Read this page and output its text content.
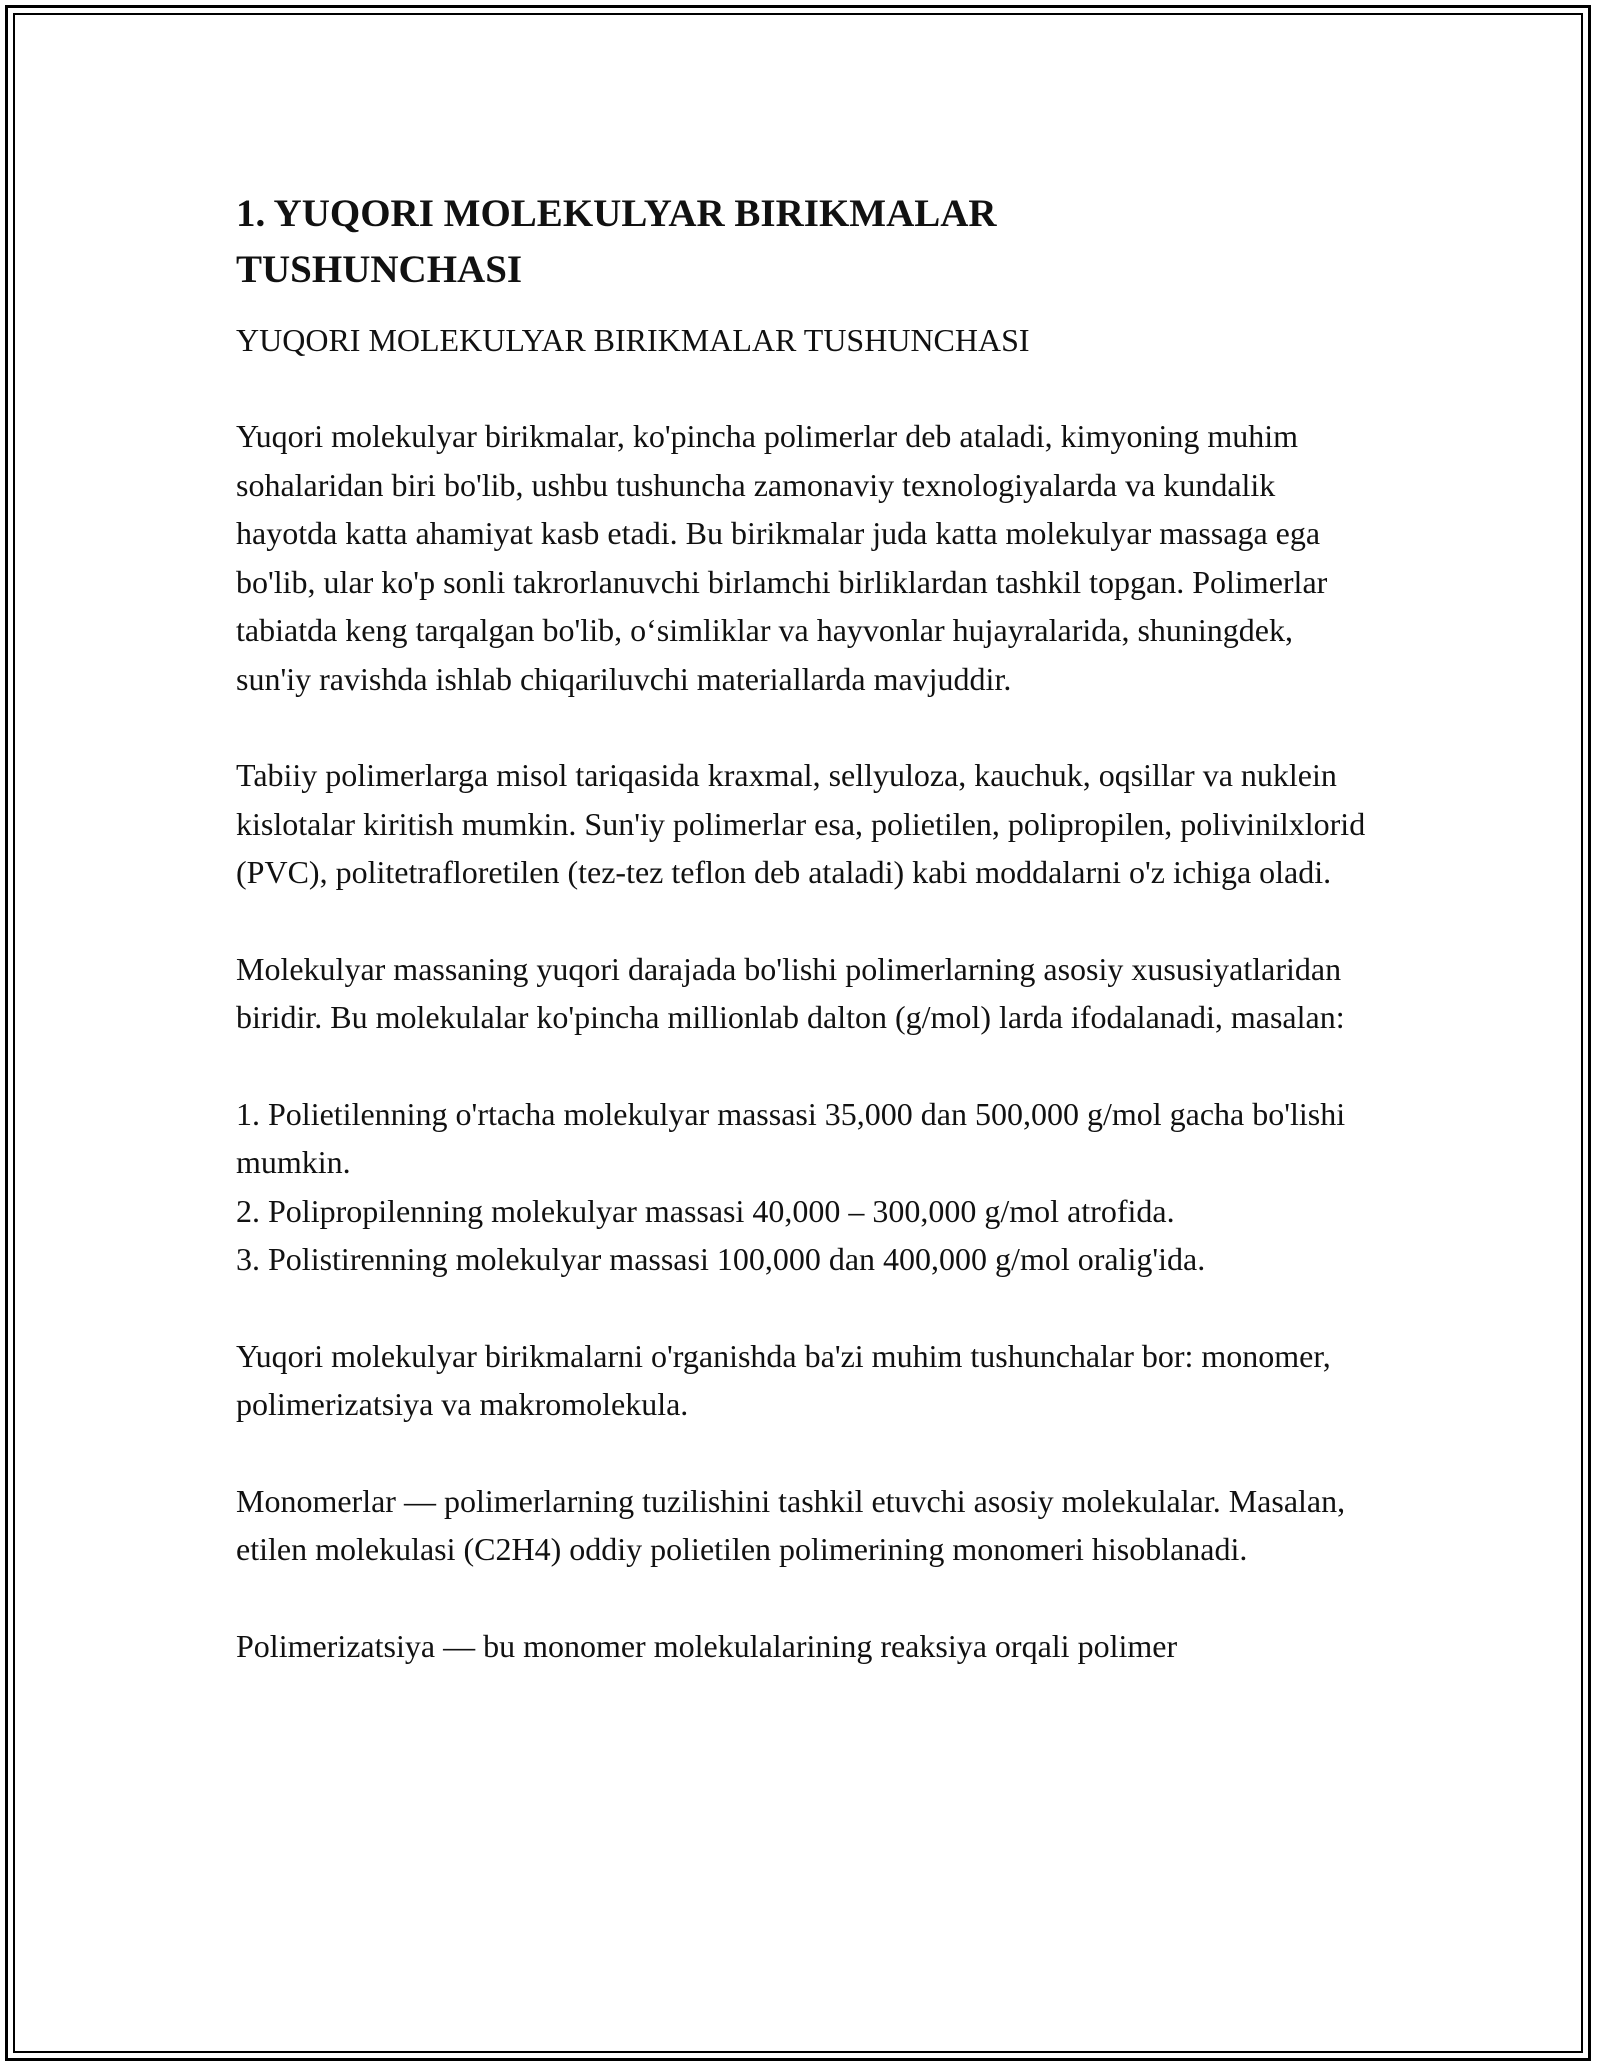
1. YUQORI MOLEKULYAR BIRIKMALAR
TUSHUNCHASI

YUQORI MOLEKULYAR BIRIKMALAR TUSHUNCHASI

Yuqori molekulyar birikmalar, ko'pincha polimerlar deb ataladi, kimyoning muhim sohalaridan biri bo'lib, ushbu tushuncha zamonaviy texnologiyalarda va kundalik hayotda katta ahamiyat kasb etadi. Bu birikmalar juda katta molekulyar massaga ega bo'lib, ular ko'p sonli takrorlanuvchi birlamchi birliklardan tashkil topgan. Polimerlar tabiatda keng tarqalgan bo'lib, o‘simliklar va hayvonlar hujayralarida, shuningdek, sun'iy ravishda ishlab chiqariluvchi materiallarda mavjuddir.

Tabiiy polimerlarga misol tariqasida kraxmal, sellyuloza, kauchuk, oqsillar va nuklein kislotalar kiritish mumkin. Sun'iy polimerlar esa, polietilen, polipropilen, polivinilxlorid (PVC), politetrafloretilen (tez-tez teflon deb ataladi) kabi moddalarni o'z ichiga oladi.

Molekulyar massaning yuqori darajada bo'lishi polimerlarning asosiy xususiyatlaridan biridir. Bu molekulalar ko'pincha millionlab dalton (g/mol) larda ifodalanadi, masalan:

1. Polietilenning o'rtacha molekulyar massasi 35,000 dan 500,000 g/mol gacha bo'lishi mumkin.
2. Polipropilenning molekulyar massasi 40,000 – 300,000 g/mol atrofida.
3. Polistirenning molekulyar massasi 100,000 dan 400,000 g/mol oralig'ida.

Yuqori molekulyar birikmalarni o'rganishda ba'zi muhim tushunchalar bor: monomer, polimerizatsiya va makromolekula.

Monomerlar — polimerlarning tuzilishini tashkil etuvchi asosiy molekulalar. Masalan, etilen molekulasi (C2H4) oddiy polietilen polimerining monomeri hisoblanadi.

Polimerizatsiya — bu monomer molekulalarining reaksiya orqali polimer
